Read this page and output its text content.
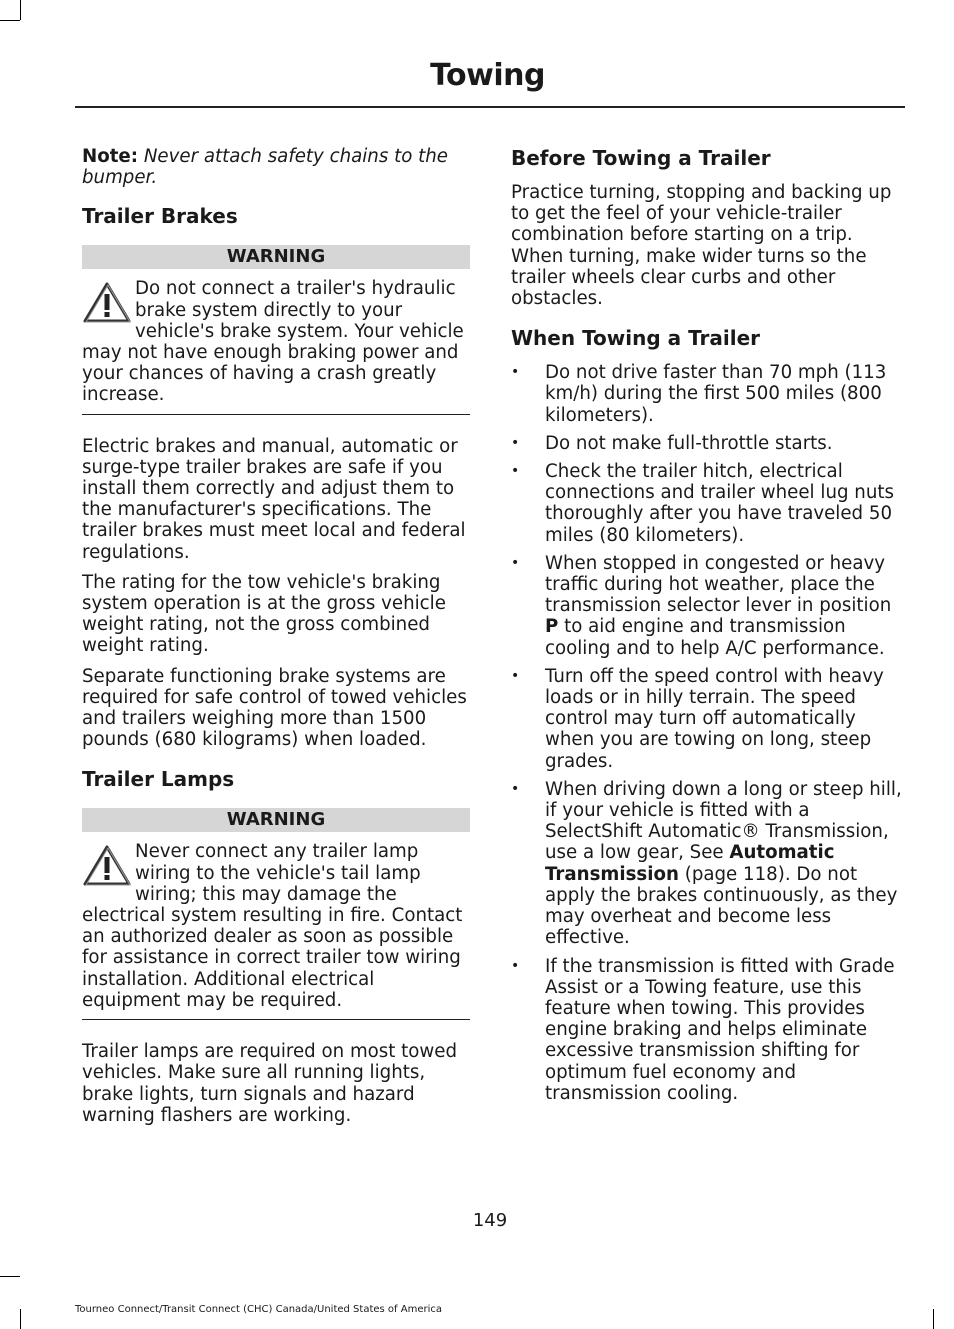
Towing

Note: Never attach safety chains to the bumper.

Trailer Brakes
WARNING
Do not connect a trailer's hydraulic brake system directly to your vehicle's brake system. Your vehicle may not have enough braking power and your chances of having a crash greatly increase.

Electric brakes and manual, automatic or surge-type trailer brakes are safe if you install them correctly and adjust them to the manufacturer's specifications. The trailer brakes must meet local and federal regulations.

The rating for the tow vehicle's braking system operation is at the gross vehicle weight rating, not the gross combined weight rating.

Separate functioning brake systems are required for safe control of towed vehicles and trailers weighing more than 1500 pounds (680 kilograms) when loaded.

Trailer Lamps
WARNING
Never connect any trailer lamp wiring to the vehicle's tail lamp wiring; this may damage the electrical system resulting in fire. Contact an authorized dealer as soon as possible for assistance in correct trailer tow wiring installation. Additional electrical equipment may be required.

Trailer lamps are required on most towed vehicles. Make sure all running lights, brake lights, turn signals and hazard warning flashers are working.

Before Towing a Trailer

Practice turning, stopping and backing up to get the feel of your vehicle-trailer combination before starting on a trip. When turning, make wider turns so the trailer wheels clear curbs and other obstacles.

When Towing a Trailer
• Do not drive faster than 70 mph (113 km/h) during the first 500 miles (800 kilometers).
• Do not make full-throttle starts.
• Check the trailer hitch, electrical connections and trailer wheel lug nuts thoroughly after you have traveled 50 miles (80 kilometers).
• When stopped in congested or heavy traffic during hot weather, place the transmission selector lever in position P to aid engine and transmission cooling and to help A/C performance.
• Turn off the speed control with heavy loads or in hilly terrain. The speed control may turn off automatically when you are towing on long, steep grades.
• When driving down a long or steep hill, if your vehicle is fitted with a SelectShift Automatic® Transmission, use a low gear, See Automatic Transmission (page 118). Do not apply the brakes continuously, as they may overheat and become less effective.
• If the transmission is fitted with Grade Assist or a Towing feature, use this feature when towing. This provides engine braking and helps eliminate excessive transmission shifting for optimum fuel economy and transmission cooling.
149
Tourneo Connect/Transit Connect (CHC) Canada/United States of America
